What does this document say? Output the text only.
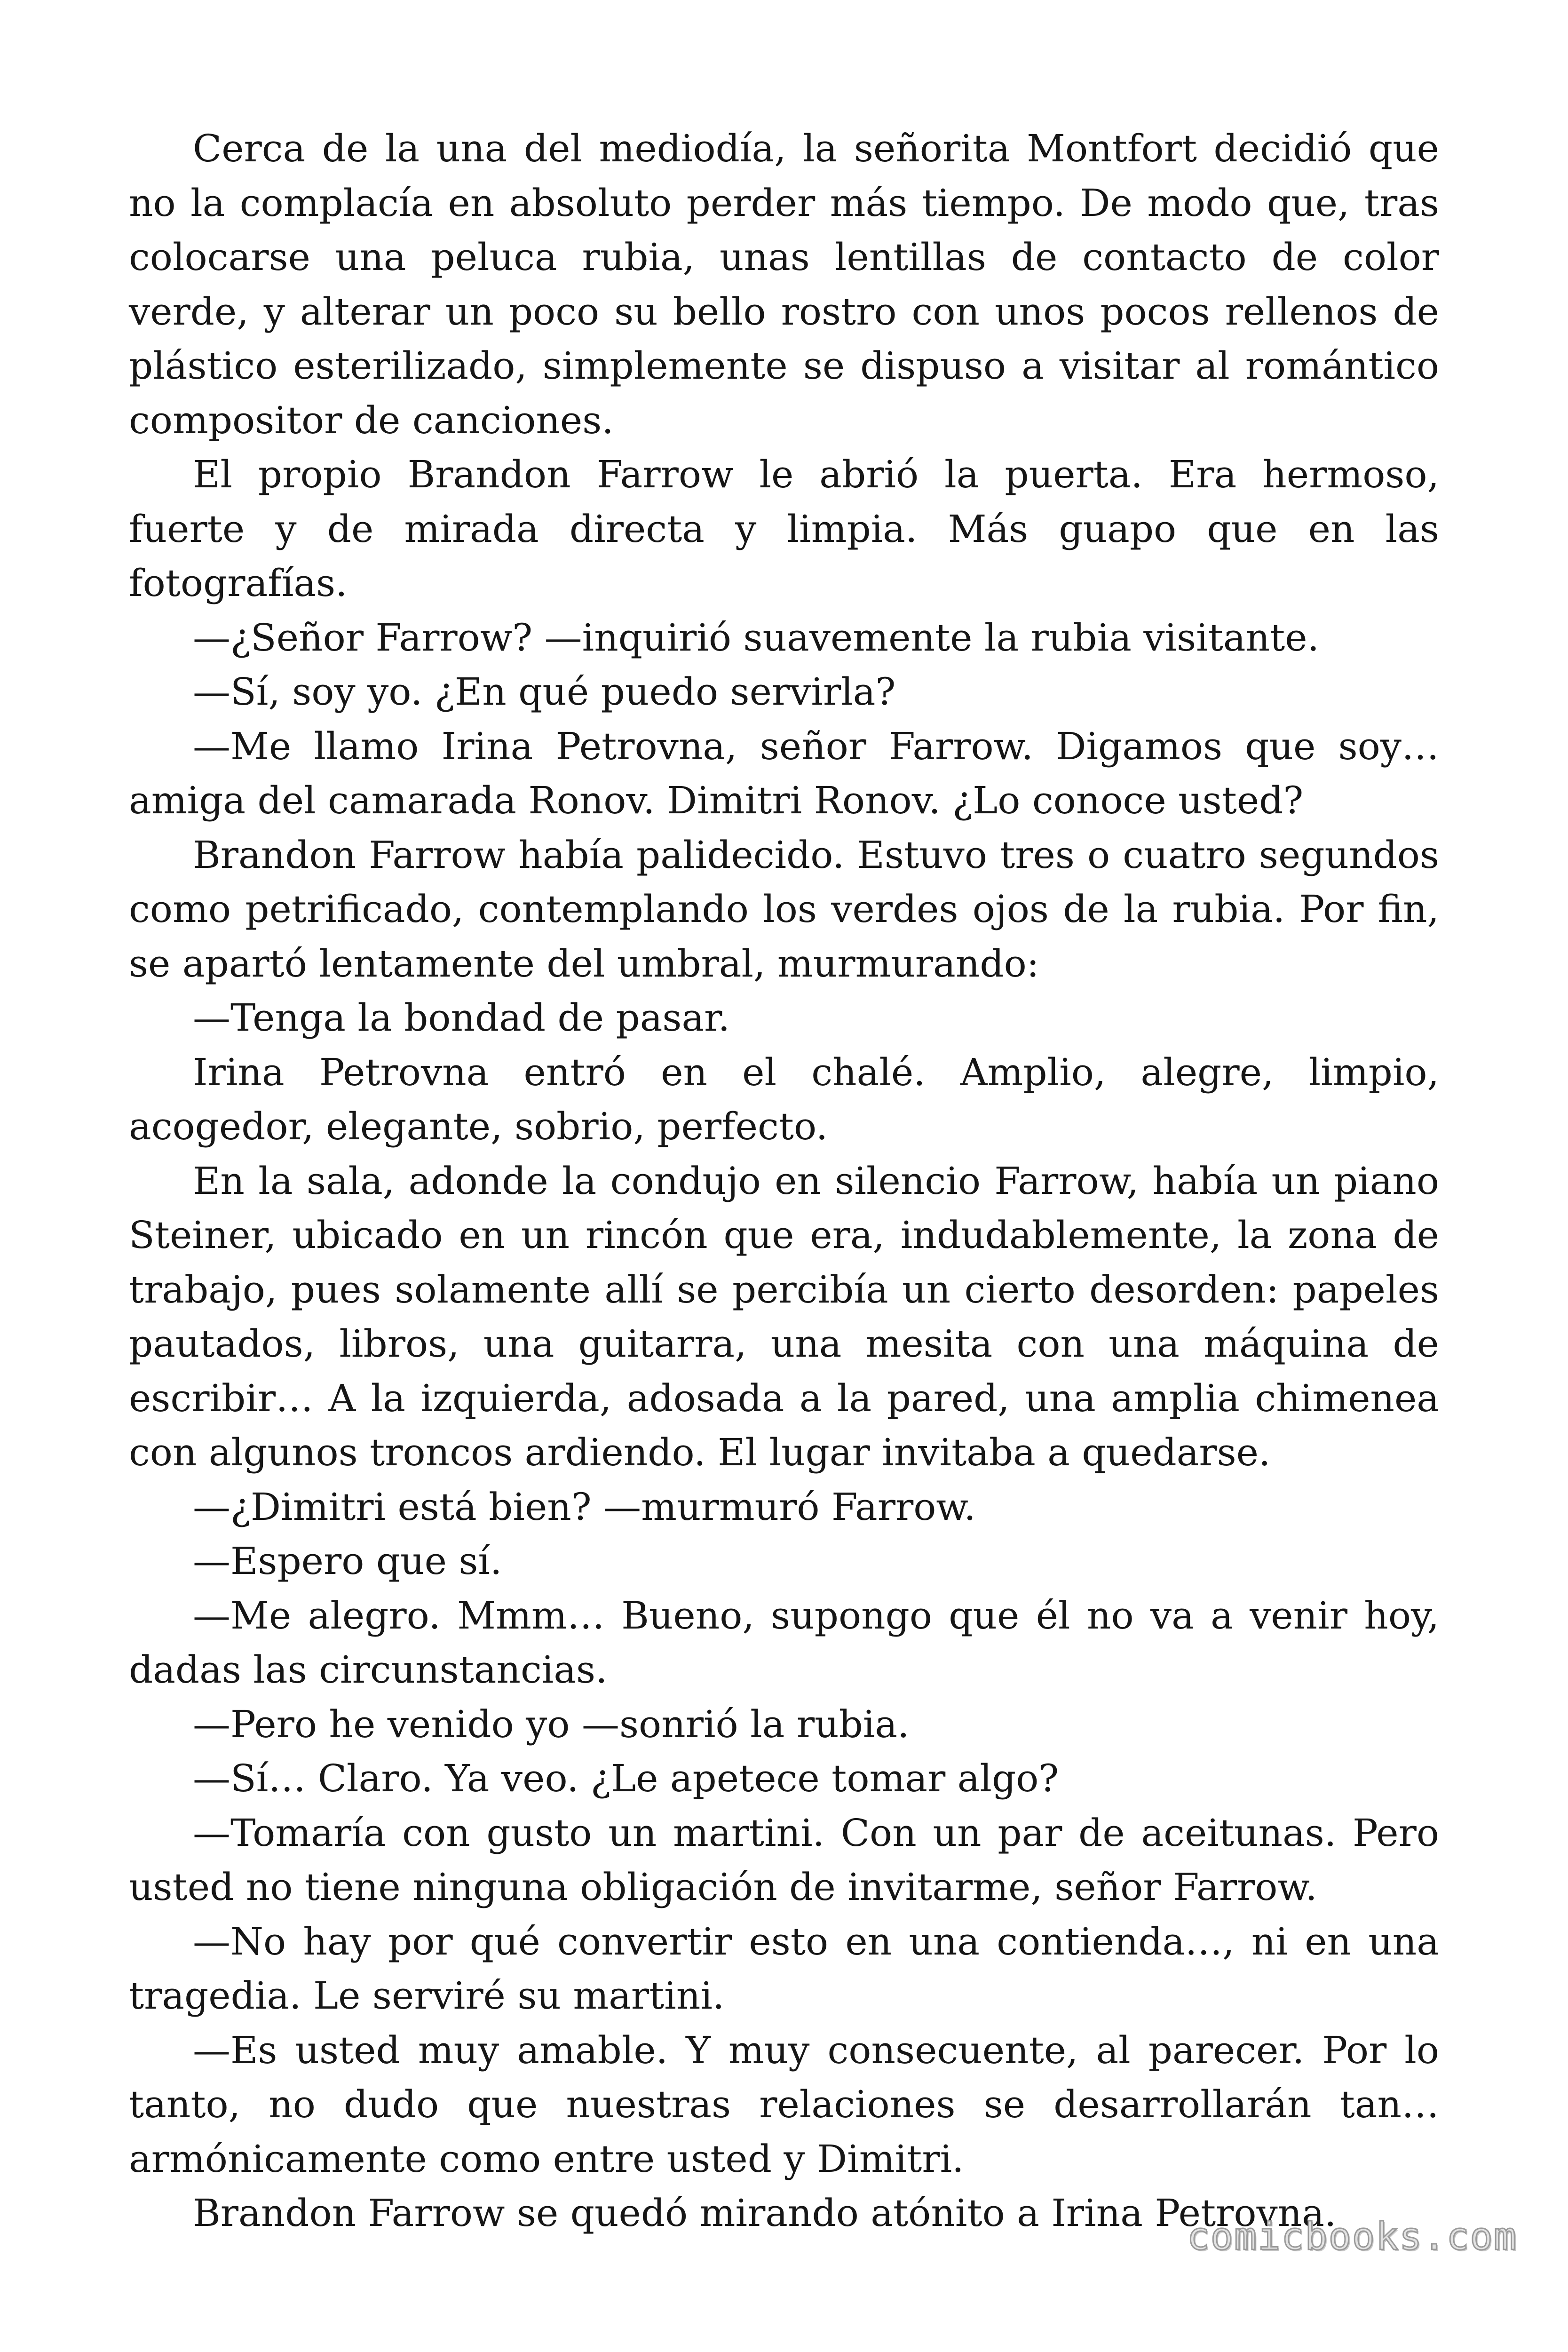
Cerca de la una del mediodía, la señorita Montfort decidió que no la complacía en absoluto perder más tiempo. De modo que, tras colocarse una peluca rubia, unas lentillas de contacto de color verde, y alterar un poco su bello rostro con unos pocos rellenos de plástico esterilizado, simplemente se dispuso a visitar al romántico compositor de canciones.

El propio Brandon Farrow le abrió la puerta. Era hermoso, fuerte y de mirada directa y limpia. Más guapo que en las fotografías.

—¿Señor Farrow? —inquirió suavemente la rubia visitante.

—Sí, soy yo. ¿En qué puedo servirla?

—Me llamo Irina Petrovna, señor Farrow. Digamos que soy… amiga del camarada Ronov. Dimitri Ronov. ¿Lo conoce usted?

Brandon Farrow había palidecido. Estuvo tres o cuatro segundos como petrificado, contemplando los verdes ojos de la rubia. Por fin, se apartó lentamente del umbral, murmurando:

—Tenga la bondad de pasar.

Irina Petrovna entró en el chalé. Amplio, alegre, limpio, acogedor, elegante, sobrio, perfecto.

En la sala, adonde la condujo en silencio Farrow, había un piano Steiner, ubicado en un rincón que era, indudablemente, la zona de trabajo, pues solamente allí se percibía un cierto desorden: papeles pautados, libros, una guitarra, una mesita con una máquina de escribir… A la izquierda, adosada a la pared, una amplia chimenea con algunos troncos ardiendo. El lugar invitaba a quedarse.

—¿Dimitri está bien? —murmuró Farrow.

—Espero que sí.

—Me alegro. Mmm… Bueno, supongo que él no va a venir hoy, dadas las circunstancias.

—Pero he venido yo —sonrió la rubia.

—Sí… Claro. Ya veo. ¿Le apetece tomar algo?

—Tomaría con gusto un martini. Con un par de aceitunas. Pero usted no tiene ninguna obligación de invitarme, señor Farrow.

—No hay por qué convertir esto en una contienda…, ni en una tragedia. Le serviré su martini.

—Es usted muy amable. Y muy consecuente, al parecer. Por lo tanto, no dudo que nuestras relaciones se desarrollarán tan… armónicamente como entre usted y Dimitri.

Brandon Farrow se quedó mirando atónito a Irina Petrovna.

comicbooks.com
